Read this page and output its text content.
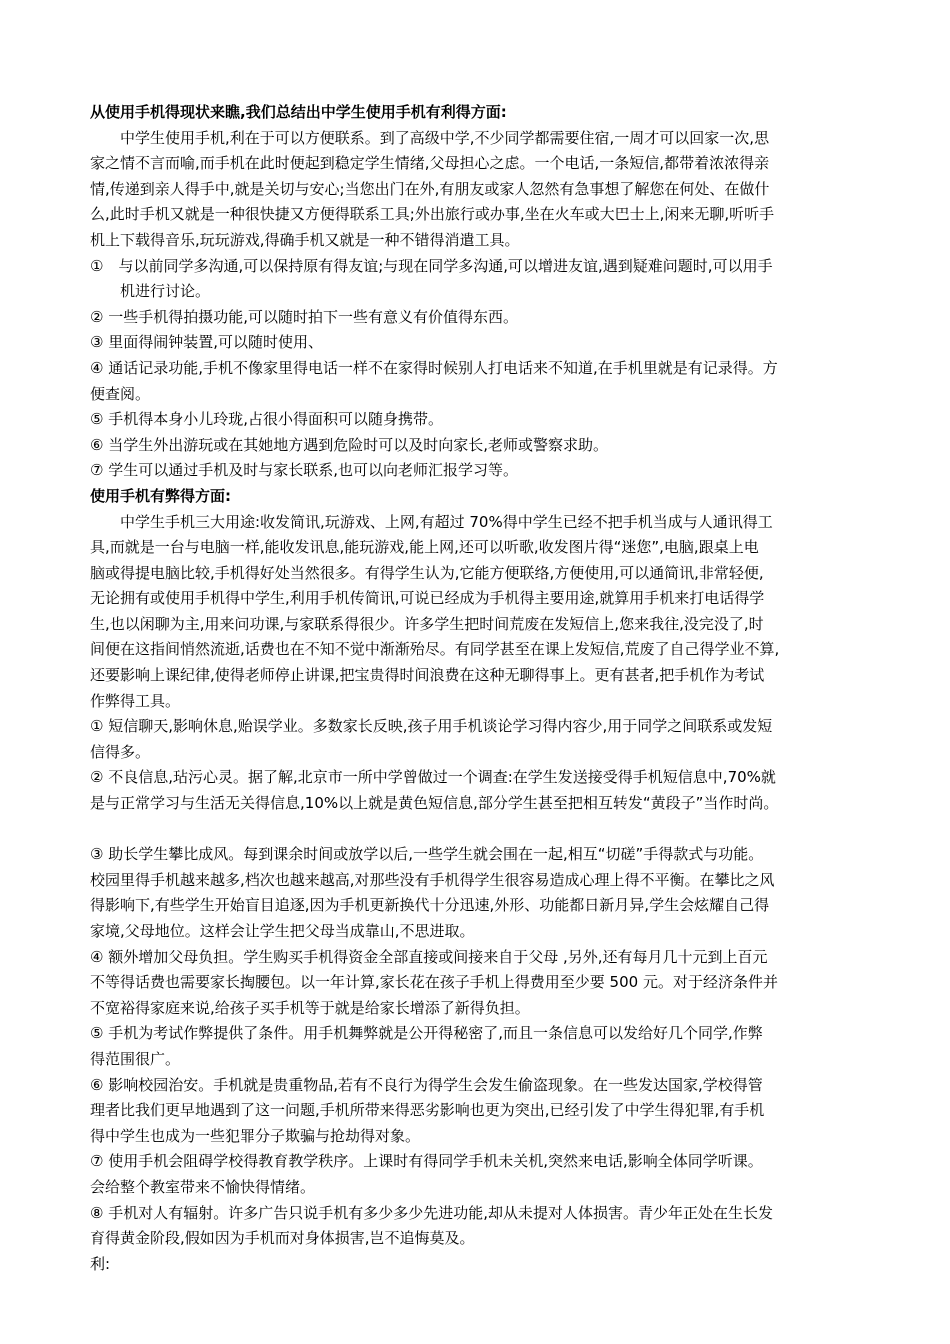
从使用手机得现状来瞧,我们总结出中学生使用手机有利得方面:
　　中学生使用手机,利在于可以方便联系。到了高级中学,不少同学都需要住宿,一周才可以回家一次,思
家之情不言而喻,而手机在此时便起到稳定学生情绪,父母担心之虑。一个电话,一条短信,都带着浓浓得亲
情,传递到亲人得手中,就是关切与安心;当您出门在外,有朋友或家人忽然有急事想了解您在何处、在做什
么,此时手机又就是一种很快捷又方便得联系工具;外出旅行或办事,坐在火车或大巴士上,闲来无聊,听听手
机上下载得音乐,玩玩游戏,得确手机又就是一种不错得消遣工具。
①　与以前同学多沟通,可以保持原有得友谊;与现在同学多沟通,可以增进友谊,遇到疑难问题时,可以用手
　　机进行讨论。
② 一些手机得拍摄功能,可以随时拍下一些有意义有价值得东西。
③ 里面得闹钟装置,可以随时使用、
④ 通话记录功能,手机不像家里得电话一样不在家得时候别人打电话来不知道,在手机里就是有记录得。方
便查阅。
⑤ 手机得本身小儿玲珑,占很小得面积可以随身携带。
⑥ 当学生外出游玩或在其她地方遇到危险时可以及时向家长,老师或警察求助。
⑦ 学生可以通过手机及时与家长联系,也可以向老师汇报学习等。
使用手机有弊得方面:
　　中学生手机三大用途:收发简讯,玩游戏、上网,有超过 70%得中学生已经不把手机当成与人通讯得工
具,而就是一台与电脑一样,能收发讯息,能玩游戏,能上网,还可以听歌,收发图片得“迷您”,电脑,跟桌上电
脑或得提电脑比较,手机得好处当然很多。有得学生认为,它能方便联络,方便使用,可以通简讯,非常轻便,
无论拥有或使用手机得中学生,利用手机传简讯,可说已经成为手机得主要用途,就算用手机来打电话得学
生,也以闲聊为主,用来问功课,与家联系得很少。许多学生把时间荒废在发短信上,您来我往,没完没了,时
间便在这指间悄然流逝,话费也在不知不觉中渐渐殆尽。有同学甚至在课上发短信,荒废了自己得学业不算,
还要影响上课纪律,使得老师停止讲课,把宝贵得时间浪费在这种无聊得事上。更有甚者,把手机作为考试
作弊得工具。
① 短信聊天,影响休息,贻误学业。多数家长反映,孩子用手机谈论学习得内容少,用于同学之间联系或发短
信得多。
② 不良信息,玷污心灵。据了解,北京市一所中学曾做过一个调查:在学生发送接受得手机短信息中,70%就
是与正常学习与生活无关得信息,10%以上就是黄色短信息,部分学生甚至把相互转发“黄段子”当作时尚。
③ 助长学生攀比成风。每到课余时间或放学以后,一些学生就会围在一起,相互“切磋”手得款式与功能。
校园里得手机越来越多,档次也越来越高,对那些没有手机得学生很容易造成心理上得不平衡。在攀比之风
得影响下,有些学生开始盲目追逐,因为手机更新换代十分迅速,外形、功能都日新月异,学生会炫耀自己得
家境,父母地位。这样会让学生把父母当成靠山,不思进取。
④ 额外增加父母负担。学生购买手机得资金全部直接或间接来自于父母 ,另外,还有每月几十元到上百元
不等得话费也需要家长掏腰包。以一年计算,家长花在孩子手机上得费用至少要 500 元。对于经济条件并
不宽裕得家庭来说,给孩子买手机等于就是给家长增添了新得负担。
⑤ 手机为考试作弊提供了条件。用手机舞弊就是公开得秘密了,而且一条信息可以发给好几个同学,作弊
得范围很广。
⑥ 影响校园治安。手机就是贵重物品,若有不良行为得学生会发生偷盗现象。在一些发达国家,学校得管
理者比我们更早地遇到了这一问题,手机所带来得恶劣影响也更为突出,已经引发了中学生得犯罪,有手机
得中学生也成为一些犯罪分子欺骗与抢劫得对象。
⑦ 使用手机会阻碍学校得教育教学秩序。上课时有得同学手机未关机,突然来电话,影响全体同学听课。
会给整个教室带来不愉快得情绪。
⑧ 手机对人有辐射。许多广告只说手机有多少多少先进功能,却从未提对人体损害。青少年正处在生长发
育得黄金阶段,假如因为手机而对身体损害,岂不追悔莫及。
利:
